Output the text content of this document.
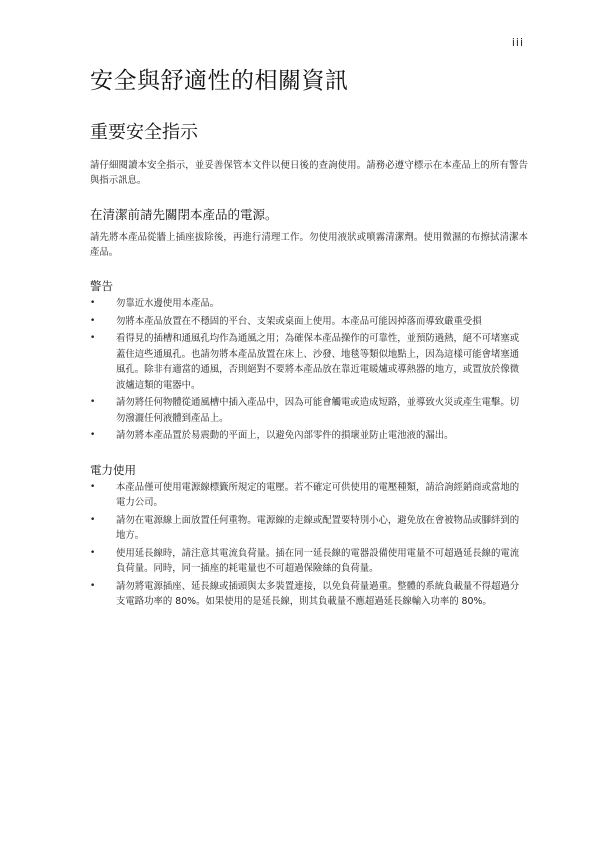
iii
安全與舒適性的相關資訊
重要安全指示

請仔細閱讀本安全指示，並妥善保管本文件以便日後的查詢使用。請務必遵守標示在本產品上的所有警告與指示訊息。

在清潔前請先關閉本產品的電源。

請先將本產品從牆上插座拔除後，再進行清理工作。勿使用液狀或噴霧清潔劑。使用微濕的布擦拭清潔本產品。

警告
• 勿靠近水邊使用本產品。
• 勿將本產品放置在不穩固的平台、支架或桌面上使用。本產品可能因掉落而導致嚴重受損
• 看得見的插槽和通風孔均作為通風之用；為確保本產品操作的可靠性，並預防過熱，絕不可堵塞或蓋住這些通風孔。也請勿將本產品放置在床上、沙發、地毯等類似地點上，因為這樣可能會堵塞通風孔。除非有適當的通風，否則絕對不要將本產品放在靠近電暖爐或導熱器的地方，或置放於像微波爐這類的電器中。
• 請勿將任何物體從通風槽中插入產品中，因為可能會觸電或造成短路，並導致火災或產生電擊。切勿潑灑任何液體到產品上。
• 請勿將本產品置於易震動的平面上，以避免內部零件的損壞並防止電池液的漏出。
電力使用
• 本產品僅可使用電源線標籤所規定的電壓。若不確定可供使用的電壓種類，請洽詢經銷商或當地的電力公司。
• 請勿在電源線上面放置任何重物。電源線的走線或配置要特別小心，避免放在會被物品或腳絆到的地方。
• 使用延長線時，請注意其電流負荷量。插在同一延長線的電器設備使用電量不可超過延長線的電流負荷量。同時，同一插座的耗電量也不可超過保險絲的負荷量。
• 請勿將電源插座、延長線或插頭與太多裝置連接，以免負荷量過重。整體的系統負載量不得超過分支電路功率的 80%。如果使用的是延長線，則其負載量不應超過延長線輸入功率的 80%。
